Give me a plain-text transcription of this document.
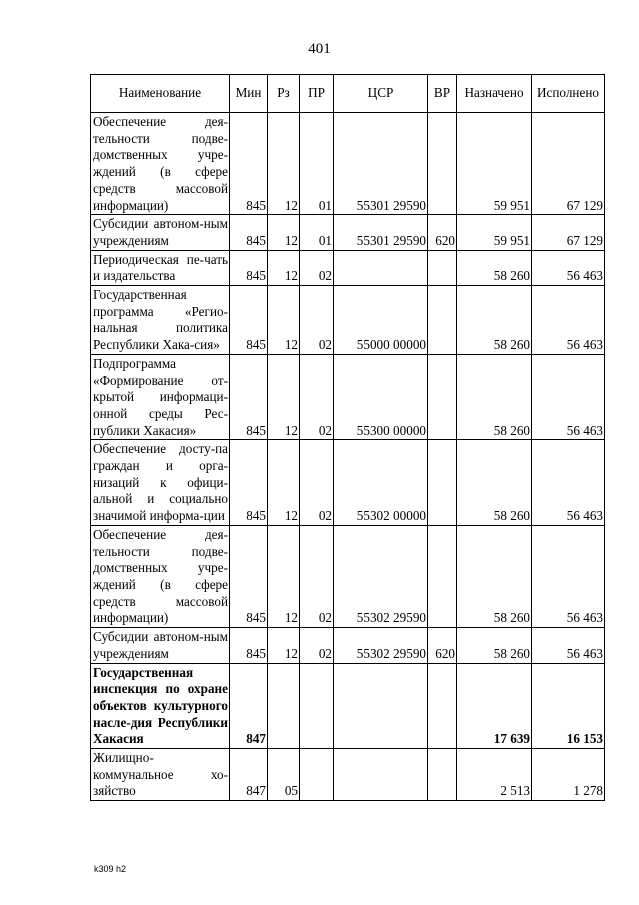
401
Наименование	Мин	Рз	ПР	ЦСР	ВР	Назначено	Исполнено
Обеспечение дея-тельности подве-домственных учре-ждений (в сфере средств массовой информации)	845	12	01	55301 29590		59 951	67 129
Субсидии автоном-ным учреждениям	845	12	01	55301 29590	620	59 951	67 129
Периодическая пе-чать и издательства	845	12	02			58 260	56 463
Государственная программа «Регио-нальная политика Республики Хака-сия»	845	12	02	55000 00000		58 260	56 463
Подпрограмма «Формирование от-крытой информаци-онной среды Рес-публики Хакасия»	845	12	02	55300 00000		58 260	56 463
Обеспечение досту-па граждан и орга-низаций к офици-альной и социально значимой информа-ции	845	12	02	55302 00000		58 260	56 463
Обеспечение дея-тельности подве-домственных учре-ждений (в сфере средств массовой информации)	845	12	02	55302 29590		58 260	56 463
Субсидии автоном-ным учреждениям	845	12	02	55302 29590	620	58 260	56 463
Государственная инспекция по охране объектов культурного насле-дия Республики Хакасия	847					17 639	16 153
Жилищно-коммунальное хо-зяйство	847	05				2 513	1 278
k309 h2
